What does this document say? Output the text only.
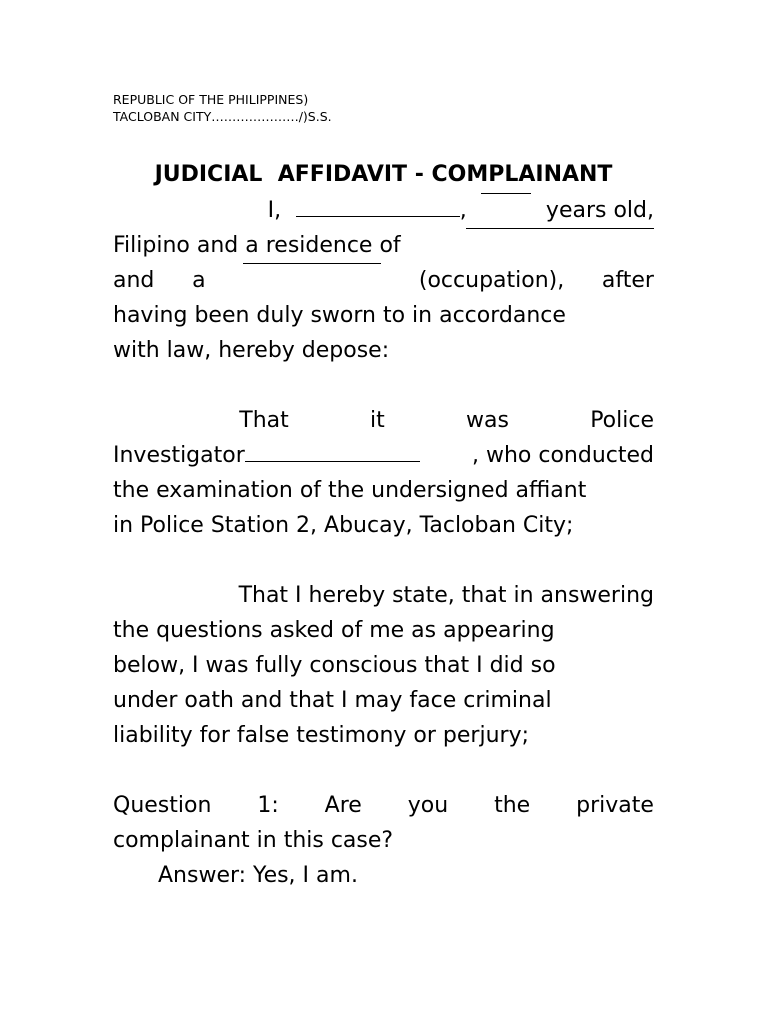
REPUBLIC OF THE PHILIPPINES)
TACLOBAN CITY…………………/)S.S.
JUDICIAL  AFFIDAVIT - COMPLAINANT
I,	,	years old,
Filipino and a residence of
and a	(occupation), after
having been duly sworn to in accordance
with law, hereby depose:
That	it	was	Police
Investigator	, who conducted
the examination of the undersigned affiant
in Police Station 2, Abucay, Tacloban City;
That I hereby state, that in answering
the questions asked of me as appearing
below, I was fully conscious that I did so
under oath and that I may face criminal
liability for false testimony or perjury;
Question 1: Are you the private
complainant in this case?
Answer: Yes, I am.
